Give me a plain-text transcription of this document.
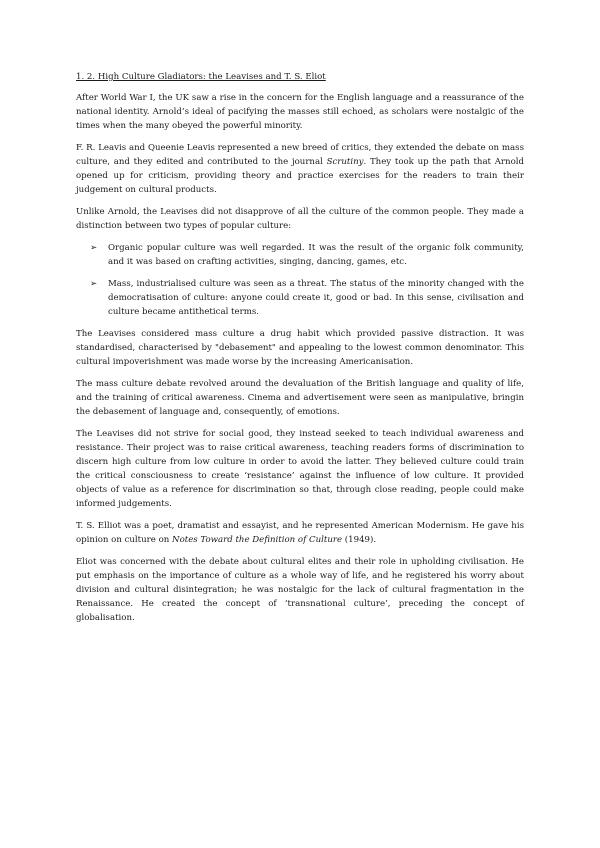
1. 2. High Culture Gladiators: the Leavises and T. S. Eliot

After World War I, the UK saw a rise in the concern for the English language and a reassurance of the national identity. Arnold’s ideal of pacifying the masses still echoed, as scholars were nostalgic of the times when the many obeyed the powerful minority.

F. R. Leavis and Queenie Leavis represented a new breed of critics, they extended the debate on mass culture, and they edited and contributed to the journal Scrutiny. They took up the path that Arnold opened up for criticism, providing theory and practice exercises for the readers to train their judgement on cultural products.

Unlike Arnold, the Leavises did not disapprove of all the culture of the common people. They made a distinction between two types of popular culture:

➢ Organic popular culture was well regarded. It was the result of the organic folk community, and it was based on crafting activities, singing, dancing, games, etc.
➢ Mass, industrialised culture was seen as a threat. The status of the minority changed with the democratisation of culture: anyone could create it, good or bad. In this sense, civilisation and culture became antithetical terms.

The Leavises considered mass culture a drug habit which provided passive distraction. It was standardised, characterised by "debasement" and appealing to the lowest common denominator. This cultural impoverishment was made worse by the increasing Americanisation.

The mass culture debate revolved around the devaluation of the British language and quality of life, and the training of critical awareness. Cinema and advertisement were seen as manipulative, bringin the debasement of language and, consequently, of emotions.

The Leavises did not strive for social good, they instead seeked to teach individual awareness and resistance. Their project was to raise critical awareness, teaching readers forms of discrimination to discern high culture from low culture in order to avoid the latter. They believed culture could train the critical consciousness to create ‘resistance’ against the influence of low culture. It provided objects of value as a reference for discrimination so that, through close reading, people could make informed judgements.

T. S. Elliot was a poet, dramatist and essayist, and he represented American Modernism. He gave his opinion on culture on Notes Toward the Definition of Culture (1949).

Eliot was concerned with the debate about cultural elites and their role in upholding civilisation. He put emphasis on the importance of culture as a whole way of life, and he registered his worry about division and cultural disintegration; he was nostalgic for the lack of cultural fragmentation in the Renaissance. He created the concept of ‘transnational culture’, preceding the concept of globalisation.
